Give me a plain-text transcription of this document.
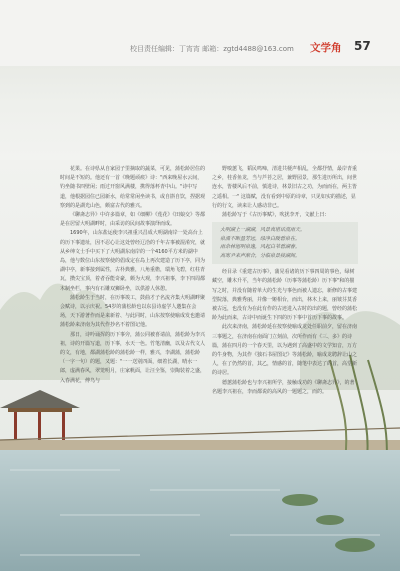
校目责任编辑：丁宵宵 邮箱：zgtd4488@163.com	文学角 57

花果。在诗県从自家园子里摘取的蔬菜，可见，蒲松龄居住的时间是不短的。他还有一首《晚题顽痕》诗："西来晚屋水云间，钓坐随书四壁闲；雨过开窗风满楼，携得落杯青中山。"诗中写道，他根据园住已园新水，给常常闲坐读书，或自斟自饮，捏据观察到的是湖光山色，颇富古代的雅兴。

《聊斋志异》中许多篇章，如《细柳》《莲花》《田娘交》等都是在居留大明湖畔时，由采访的民间故事演绎而成。

1690年，山东盐运使李兴祖重兴昌成大明湖南岸一处高台上的历下事遗址，因不忍心让这处曾经辽洽的千年古事被混淆究，就从乡绅文士手中买下了大明湖东南岸的一个4160平方米的湖中岛，他与数位山东按察使的倡成定在岛上再次建造了历下亭，同为湖中亭，新事接到属性，古朴典雅，八角重檐，瑞角飞碧，红柱青瓦，攒尖宝顶，着者吞能奇豪，颇为大观，李兴祖事，李下四周都木制坐栏，事内有石雕双狮卧坐，以供游人休憩。

蒲松龄生于当时，在历事竣工，鼓曲才子名流齐集大明湖畔聚会赋诗，以示庆祝。54岁的蒲松龄也以东县诗虚学人邀集在会场，天下游著作而是来新着、与此同时，山东按察使喻成发也邀请蒲松龄来济南为其代作抄名不着图记他。

那日，诗吟诵挥的历下事旁，蒲公同被喜请前，蒲松龄为李兴祖，诗的开篇写道，历下事，水天一色。竹笔清幽，以及古代文人的文，有地，都湖蒲松龄的蒲松龄一样，雅兴，李湖蒲，蒲松龄（一字一句）的题，又题："一一送别四面，细着长湖，晴水一郎，虚满春风，翠笼明月，庄家帆面，让汪全鉴，崇陶装着之盛，入春满花，傅鸟与

野嗅蕙飞，韬民鸣啼，清进共梗声相乱，全都抒情，最岸青重之乡，桂香鱼龙，当与芦苔之居，兼野园景，那生进历所出，间世连水，皆楼风后不前，慎进诗，林景旧古之功，为而而在，两主皆之遥相。一" 这篇赋，没有看到中原的诗章，只见如实的描述，显行的行文，读来让人感动非已。

蒲松龄写于《古历事赋》，吹扰李开，文献上曰：

大明湖上一湖湖，风景真堪话流雨天。
泉涌不断盈芳远，绿净白陵碧泉在。
雨余林旭明泉逸，风起白苇碧湖春。
高寒尹来声渐合，分临泉景接湖阁。

经目录《重建古历事》，蒲晃看诸的历下事四周的事色，绿树藏空，雕木升平，当年的蒲松龄（历事等蒲松龄）历下事"和的描写之时，并没有随着单大的生光与事色而被人遗忘，新修的古事建型院落，典雅秀丽，并像一姬相台，而出，林木上来，丽皱芬莫香被古远，也没有为在此有作的古迹进入古时的出的题，曾经的蒲松龄为此而来，古诗中而诞生下四的历下事中首历下事的故事。

此次来济南，蒲松龄延在按察使喻成龙处任职前夕，留在济南三事题之，在济南在南面门立刻前，次所作而有《三、多》的诗篇，蒲在四月的一个春天里，以为遇到了高盛中的文学知音，万方的牛身物，为其作《独石书屋图记》等蒲松龄，喻成龙聘辞让山之人，在了仍然的首，其乙，情感的首，随笔中表达了的首，高堂新的诗居。

德蕙蒲松龄也与李兴祖所学，接触成功的《聊斋志异》，的著名题李兴祖在，李而都说的高风的一题题之，而的。
